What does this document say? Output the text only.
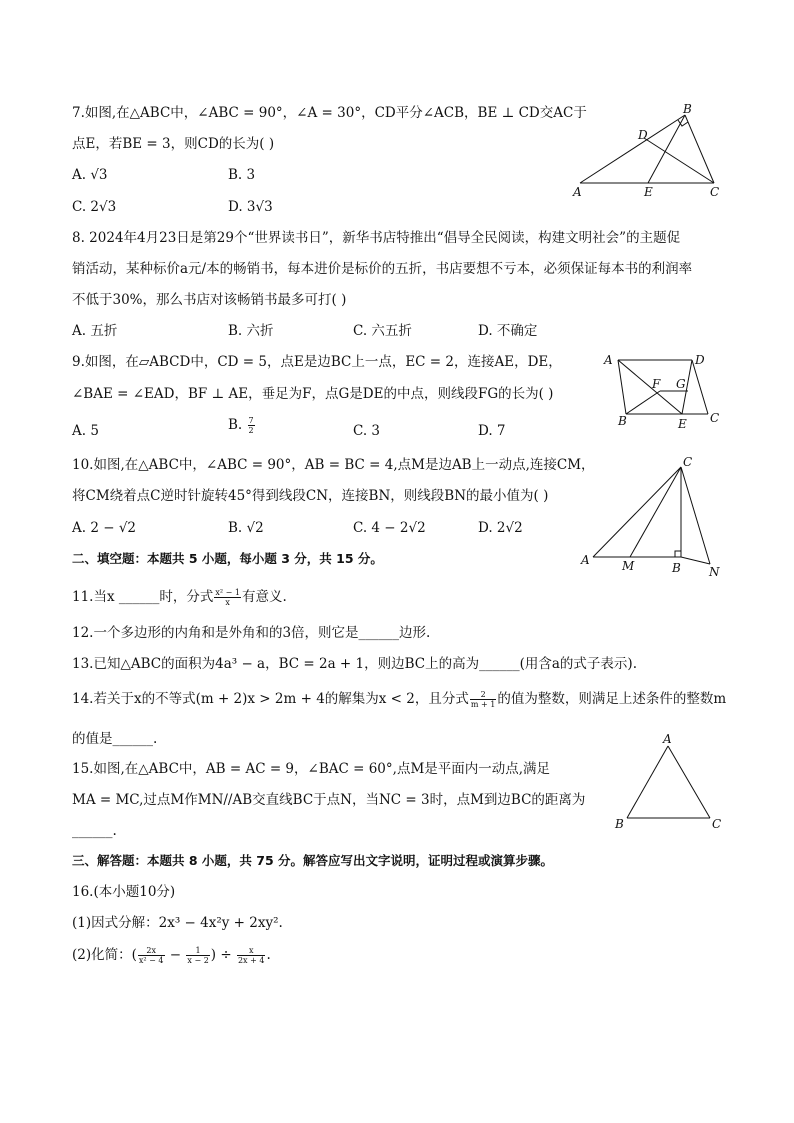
7.如图,在△ABC中，∠ABC = 90°，∠A = 30°，CD平分∠ACB，BE ⊥ CD交AC于
点E，若BE = 3，则CD的长为( )
A. √3	B. 3
C. 2√3	D. 3√3
B
D
A	E	C
8. 2024年4月23日是第29个“世界读书日”，新华书店特推出“倡导全民阅读，构建文明社会”的主题促
销活动，某种标价a元/本的畅销书，每本进价是标价的五折，书店要想不亏本，必须保证每本书的利润率
不低于30%，那么书店对该畅销书最多可打( )
A. 五折	B. 六折	C. 六五折	D. 不确定
9.如图，在▱ABCD中，CD = 5，点E是边BC上一点，EC = 2，连接AE，DE，
∠BAE = ∠EAD，BF ⊥ AE，垂足为F，点G是DE的中点，则线段FG的长为( )
A. 5	B. $\frac{7}{2}$	C. 3	D. 7
A	D
F G
B	E C
10.如图,在△ABC中，∠ABC = 90°，AB = BC = 4,点M是边AB上一动点,连接CM，
将CM绕着点C逆时针旋转45°得到线段CN，连接BN，则线段BN的最小值为( )
A. 2 − √2	B. √2	C. 4 − 2√2	D. 2√2
C
A	M	B N
二、填空题：本题共 5 小题，每小题 3 分，共 15 分。
11.当x ______时，分式 $\frac{\text{x² − 1}}{x}$ 有意义.
12.一个多边形的内角和是外角和的3倍，则它是______边形.
13.已知△ABC的面积为4a³ − a，BC = 2a + 1，则边BC上的高为______(用含a的式子表示).
14.若关于x的不等式(m + 2)x > 2m + 4的解集为x < 2，且分式 $\frac{2}{m + 1}$ 的值为整数，则满足上述条件的整数m
的值是______.
15.如图,在△ABC中，AB = AC = 9，∠BAC = 60°,点M是平面内一动点,满足
MA = MC,过点M作MN//AB交直线BC于点N，当NC = 3时，点M到边BC的距离为
______.
A
B	C
三、解答题：本题共 8 小题，共 75 分。解答应写出文字说明，证明过程或演算步骤。
16.(本小题10分)
(1)因式分解：2x³ − 4x²y + 2xy².
(2)化简：( $\frac{2x}{\text{x² − 4}} - \frac{1}{x - 2}$ ) ÷ $\frac{x}{2x + 4}$ .
